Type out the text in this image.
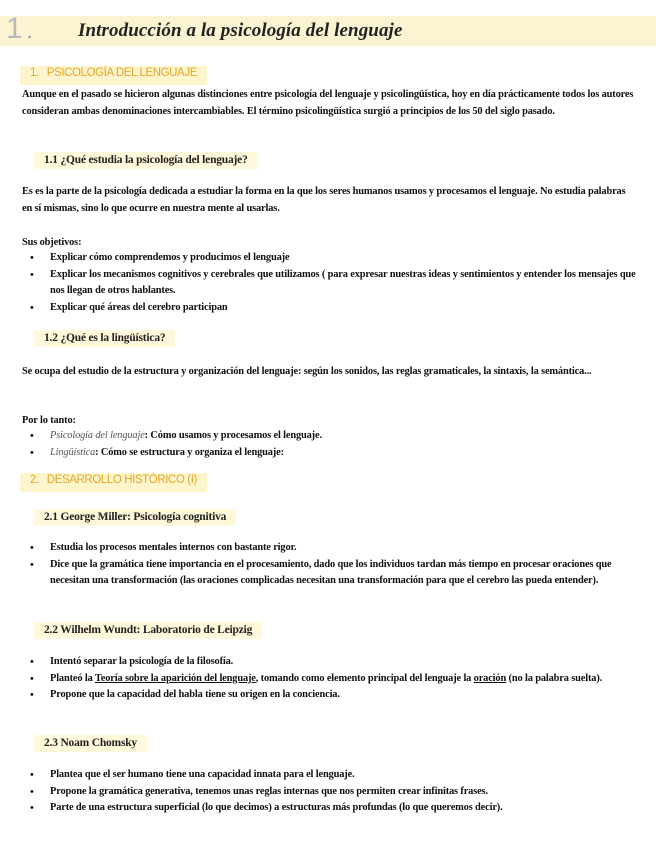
1 . Introducción a la psicología del lenguaje
1. PSICOLOGÍA DEL LENGUAJE
Aunque en el pasado se hicieron algunas distinciones entre psicología del lenguaje y psicolingüística, hoy en día prácticamente todos los autores consideran ambas denominaciones intercambiables. El término psicolingüística surgió a principios de los 50 del siglo pasado.
1.1 ¿Qué estudia la psicología del lenguaje?
Es es la parte de la psicología dedicada a estudiar la forma en la que los seres humanos usamos y procesamos el lenguaje. No estudia palabras en sí mismas, sino lo que ocurre en nuestra mente al usarlas.
Sus objetivos:
• Explicar cómo comprendemos y producimos el lenguaje
• Explicar los mecanismos cognitivos y cerebrales que utilizamos ( para expresar nuestras ideas y sentimientos y entender los mensajes que nos llegan de otros hablantes.
• Explicar qué áreas del cerebro participan
1.2 ¿Qué es la lingüística?
Se ocupa del estudio de la estructura y organización del lenguaje: según los sonidos, las reglas gramaticales, la sintaxis, la semántica...
Por lo tanto:
• Psicología del lenguaje: Cómo usamos y procesamos el lenguaje.
• Lingüística: Cómo se estructura y organiza el lenguaje:
2. DESARROLLO HISTÓRICO (I)
2.1 George Miller: Psicología cognitiva
• Estudia los procesos mentales internos con bastante rigor.
• Dice que la gramática tiene importancia en el procesamiento, dado que los individuos tardan más tiempo en procesar oraciones que necesitan una transformación (las oraciones complicadas necesitan una transformación para que el cerebro las pueda entender).
2.2 Wilhelm Wundt: Laboratorio de Leipzig
• Intentó separar la psicología de la filosofía.
• Planteó la Teoría sobre la aparición del lenguaje, tomando como elemento principal del lenguaje la oración (no la palabra suelta).
• Propone que la capacidad del habla tiene su origen en la conciencia.
2.3 Noam Chomsky
• Plantea que el ser humano tiene una capacidad innata para el lenguaje.
• Propone la gramática generativa, tenemos unas reglas internas que nos permiten crear infinitas frases.
• Parte de una estructura superficial (lo que decimos) a estructuras más profundas (lo que queremos decir).
